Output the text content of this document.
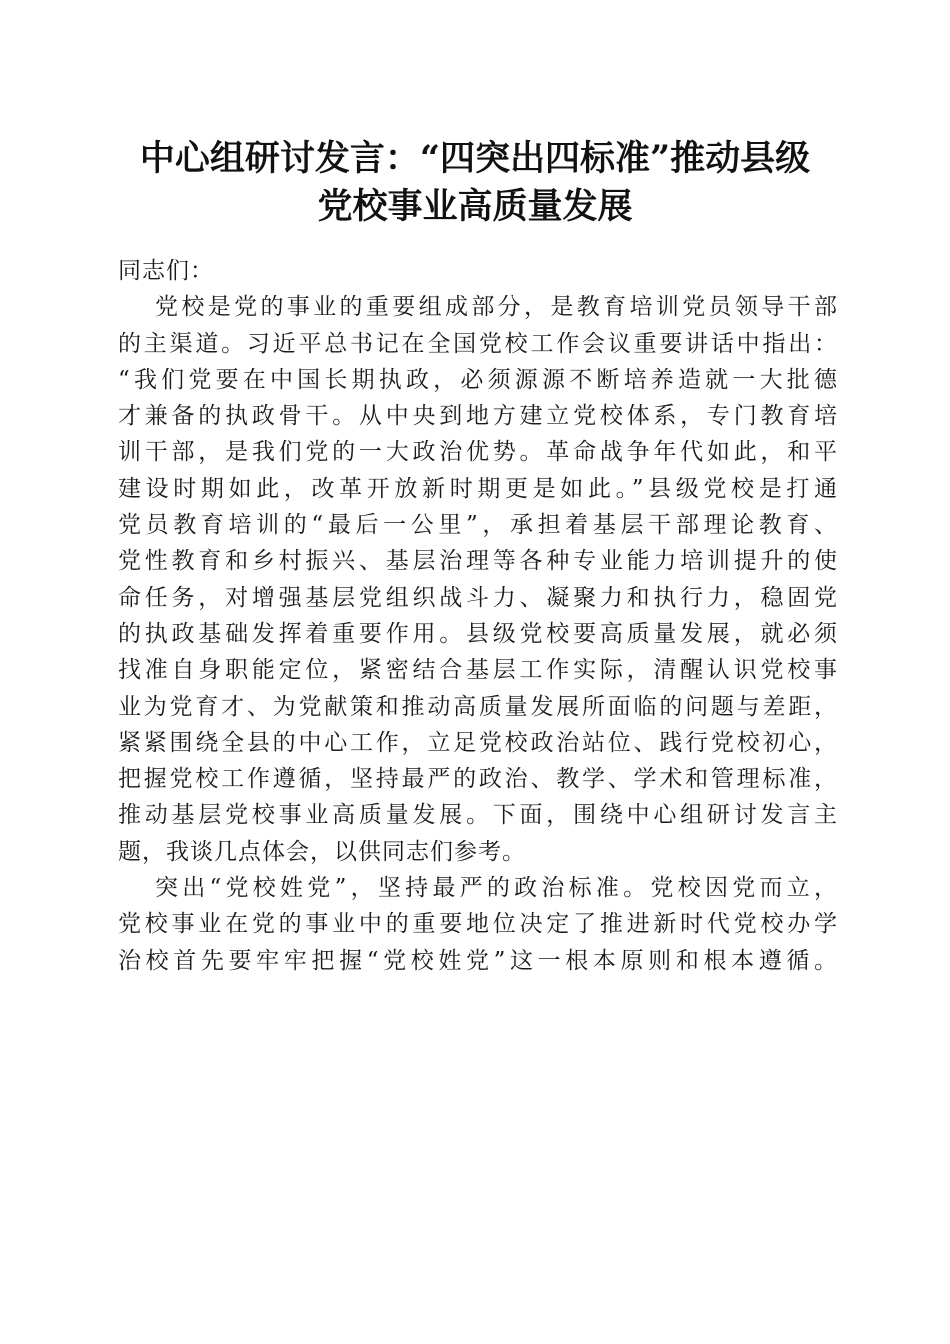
中心组研讨发言：“四突出四标准”推动县级
党校事业高质量发展

同志们：

党校是党的事业的重要组成部分，是教育培训党员领导干部
的主渠道。习近平总书记在全国党校工作会议重要讲话中指出：
“我们党要在中国长期执政，必须源源不断培养造就一大批德
才兼备的执政骨干。从中央到地方建立党校体系，专门教育培
训干部，是我们党的一大政治优势。革命战争年代如此，和平
建设时期如此，改革开放新时期更是如此。”县级党校是打通
党员教育培训的“最后一公里”，承担着基层干部理论教育、
党性教育和乡村振兴、基层治理等各种专业能力培训提升的使
命任务，对增强基层党组织战斗力、凝聚力和执行力，稳固党
的执政基础发挥着重要作用。县级党校要高质量发展，就必须
找准自身职能定位，紧密结合基层工作实际，清醒认识党校事
业为党育才、为党献策和推动高质量发展所面临的问题与差距，
紧紧围绕全县的中心工作，立足党校政治站位、践行党校初心，
把握党校工作遵循，坚持最严的政治、教学、学术和管理标准，
推动基层党校事业高质量发展。下面，围绕中心组研讨发言主
题，我谈几点体会，以供同志们参考。
突出“党校姓党”，坚持最严的政治标准。党校因党而立，
党校事业在党的事业中的重要地位决定了推进新时代党校办学
治校首先要牢牢把握“党校姓党”这一根本原则和根本遵循。
